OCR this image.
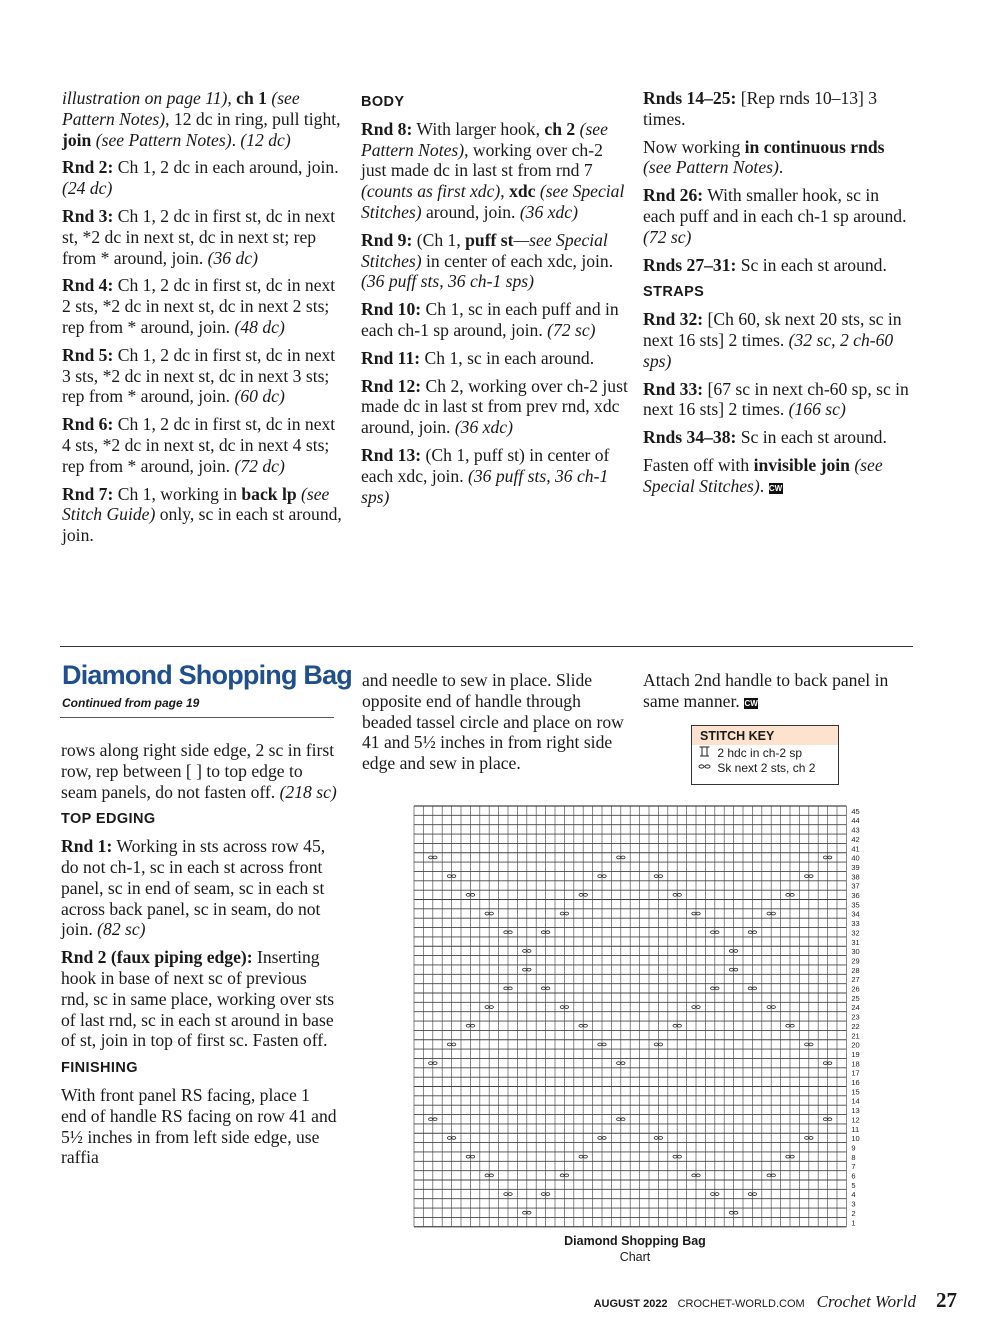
illustration on page 11), ch 1 (see Pattern Notes), 12 dc in ring, pull tight, join (see Pattern Notes). (12 dc)

Rnd 2: Ch 1, 2 dc in each around, join. (24 dc)

Rnd 3: Ch 1, 2 dc in first st, dc in next st, *2 dc in next st, dc in next st; rep from * around, join. (36 dc)

Rnd 4: Ch 1, 2 dc in first st, dc in next 2 sts, *2 dc in next st, dc in next 2 sts; rep from * around, join. (48 dc)

Rnd 5: Ch 1, 2 dc in first st, dc in next 3 sts, *2 dc in next st, dc in next 3 sts; rep from * around, join. (60 dc)

Rnd 6: Ch 1, 2 dc in first st, dc in next 4 sts, *2 dc in next st, dc in next 4 sts; rep from * around, join. (72 dc)

Rnd 7: Ch 1, working in back lp (see Stitch Guide) only, sc in each st around, join.

BODY

Rnd 8: With larger hook, ch 2 (see Pattern Notes), working over ch-2 just made dc in last st from rnd 7 (counts as first xdc), xdc (see Special Stitches) around, join. (36 xdc)

Rnd 9: (Ch 1, puff st—see Special Stitches) in center of each xdc, join. (36 puff sts, 36 ch-1 sps)

Rnd 10: Ch 1, sc in each puff and in each ch-1 sp around, join. (72 sc)

Rnd 11: Ch 1, sc in each around.

Rnd 12: Ch 2, working over ch-2 just made dc in last st from prev rnd, xdc around, join. (36 xdc)

Rnd 13: (Ch 1, puff st) in center of each xdc, join. (36 puff sts, 36 ch-1 sps)

Rnds 14–25: [Rep rnds 10–13] 3 times.

Now working in continuous rnds (see Pattern Notes).

Rnd 26: With smaller hook, sc in each puff and in each ch-1 sp around. (72 sc)

Rnds 27–31: Sc in each st around.

STRAPS

Rnd 32: [Ch 60, sk next 20 sts, sc in next 16 sts] 2 times. (32 sc, 2 ch-60 sps)

Rnd 33: [67 sc in next ch-60 sp, sc in next 16 sts] 2 times. (166 sc)

Rnds 34–38: Sc in each st around.

Fasten off with invisible join (see Special Stitches). CW

Diamond Shopping Bag
Continued from page 19

rows along right side edge, 2 sc in first row, rep between [ ] to top edge to seam panels, do not fasten off. (218 sc)

TOP EDGING

Rnd 1: Working in sts across row 45, do not ch-1, sc in each st across front panel, sc in end of seam, sc in each st across back panel, sc in seam, do not join. (82 sc)

Rnd 2 (faux piping edge): Inserting hook in base of next sc of previous rnd, sc in same place, working over sts of last rnd, sc in each st around in base of st, join in top of first sc. Fasten off.

FINISHING

With front panel RS facing, place 1 end of handle RS facing on row 41 and 5½ inches in from left side edge, use raffia

and needle to sew in place. Slide opposite end of handle through beaded tassel circle and place on row 41 and 5½ inches in from right side edge and sew in place.

Attach 2nd handle to back panel in same manner. CW

STITCH KEY
2 hdc in ch-2 sp
Sk next 2 sts, ch 2
1
2
3
4
5
6
7
8
9
10
11
12
13
14
15
16
17
18
19
20
21
22
23
24
25
26
27
28
29
30
31
32
33
34
35
36
37
38
39
40
41
42
43
44
45
Diamond Shopping Bag
Chart
AUGUST 2022 CROCHET-WORLD.COM Crochet World 27
